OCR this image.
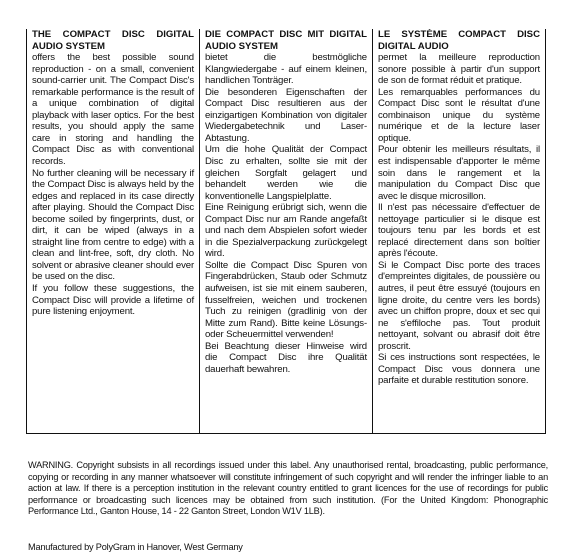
THE COMPACT DISC DIGITAL AUDIO SYSTEM

offers the best possible sound reproduction - on a small, convenient sound-carrier unit. The Compact Disc's remarkable performance is the result of a unique combination of digital playback with laser optics. For the best results, you should apply the same care in storing and handling the Compact Disc as with conventional records.

No further cleaning will be necessary if the Compact Disc is always held by the edges and replaced in its case directly after playing. Should the Compact Disc become soiled by fingerprints, dust, or dirt, it can be wiped (always in a straight line from centre to edge) with a clean and lint-free, soft, dry cloth. No solvent or abrasive cleaner should ever be used on the disc.

If you follow these suggestions, the Compact Disc will provide a lifetime of pure listening enjoyment.

DIE COMPACT DISC MIT DIGITAL AUDIO SYSTEM

bietet die bestmögliche Klangwiedergabe - auf einem kleinen, handlichen Tonträger.

Die besonderen Eigenschaften der Compact Disc resultieren aus der einzigartigen Kombination von digitaler Wiedergabetechnik und Laser-Abtastung.

Um die hohe Qualität der Compact Disc zu erhalten, sollte sie mit der gleichen Sorgfalt gelagert und behandelt werden wie die konventionelle Langspielplatte.

Eine Reinigung erübrigt sich, wenn die Compact Disc nur am Rande angefaßt und nach dem Abspielen sofort wieder in die Spezialverpackung zurückgelegt wird.

Sollte die Compact Disc Spuren von Fingerabdrücken, Staub oder Schmutz aufweisen, ist sie mit einem sauberen, fusselfreien, weichen und trockenen Tuch zu reinigen (gradlinig von der Mitte zum Rand). Bitte keine Lösungs- oder Scheuermittel verwenden!

Bei Beachtung dieser Hinweise wird die Compact Disc ihre Qualität dauerhaft bewahren.

LE SYSTÈME COMPACT DISC DIGITAL AUDIO

permet la meilleure reproduction sonore possible à partir d'un support de son de format réduit et pratique.

Les remarquables performances du Compact Disc sont le résultat d'une combinaison unique du système numérique et de la lecture laser optique.

Pour obtenir les meilleurs résultats, il est indispensable d'apporter le même soin dans le rangement et la manipulation du Compact Disc que avec le disque microsillon.

Il n'est pas nécessaire d'effectuer de nettoyage particulier si le disque est toujours tenu par les bords et est replacé directement dans son boîtier après l'écoute.

Si le Compact Disc porte des traces d'empreintes digitales, de poussière ou autres, il peut être essuyé (toujours en ligne droite, du centre vers les bords) avec un chiffon propre, doux et sec qui ne s'effiloche pas. Tout produit nettoyant, solvant ou abrasif doit être proscrit.

Si ces instructions sont respectées, le Compact Disc vous donnera une parfaite et durable restitution sonore.

WARNING. Copyright subsists in all recordings issued under this label. Any unauthorised rental, broadcasting, public performance, copying or recording in any manner whatsoever will constitute infringement of such copyright and will render the infringer liable to an action at law. If there is a perception institution in the relevant country entitled to grant licences for the use of recordings for public performance or broadcasting such licences may be obtained from such institution. (For the United Kingdom: Phonographic Performance Ltd., Ganton House, 14 - 22 Ganton Street, London W1V 1LB).

Manufactured by PolyGram in Hanover, West Germany
